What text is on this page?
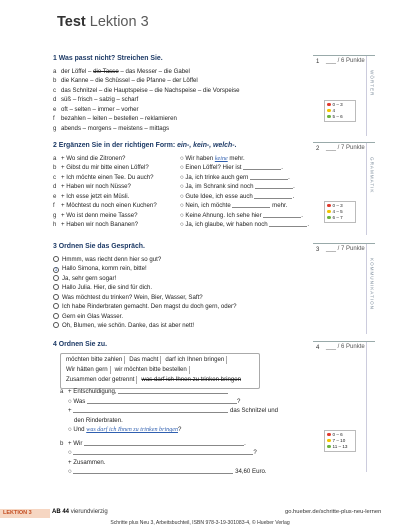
Test Lektion 3
1 Was passt nicht? Streichen Sie.
a der Löffel – die Tasse – das Messer – die Gabel
b die Kanne – die Schüssel – die Pfanne – der Löffel
c das Schnitzel – die Hauptspeise – die Nachspeise – die Vorspeise
d süß – frisch – salzig – scharf
e oft – selten – immer – vorher
f bezahlen – leiten – bestellen – reklamieren
g abends – morgens – meistens – mittags
2 Ergänzen Sie in der richtigen Form: ein-, kein-, welch-.
a + Wo sind die Zitronen?	○ Wir haben keine mehr.
b + Gibst du mir bitte einen Löffel?	○ Einen Löffel? Hier ist	.
c + Ich möchte einen Tee. Du auch?	○ Ja, ich trinke auch gern	.
d + Haben wir noch Nüsse?	○ Ja, im Schrank sind noch	.
e + Ich esse jetzt ein Müsli.	○ Gute Idee, ich esse auch	.
f + Möchtest du noch einen Kuchen?	○ Nein, ich möchte	mehr.
g + Wo ist denn meine Tasse?	○ Keine Ahnung. Ich sehe hier	.
h + Haben wir noch Bananen?	○ Ja, ich glaube, wir haben noch	.
3 Ordnen Sie das Gespräch.
Hmmm, was riecht denn hier so gut?
1 Hallo Simona, komm rein, bitte!
Ja, sehr gern sogar!
Hallo Julia. Hier, die sind für dich.
Was möchtest du trinken? Wein, Bier, Wasser, Saft?
Ich habe Rinderbraten gemacht. Den magst du doch gern, oder?
Gern ein Glas Wasser.
Oh, Blumen, wie schön. Danke, das ist aber nett!
4 Ordnen Sie zu.
möchten bitte zahlen Das macht darf ich Ihnen bringen
Wir hätten gern wir möchten bitte bestellen
Zusammen oder getrennt was darf ich Ihnen zu trinken bringen
a + Entschuldigung,
○ Was	?
+	das Schnitzel und
den Rinderbraten.
○ Und was darf ich Ihnen zu trinken bringen?
b + Wir	.
○	?
+ Zusammen.
○	34,60 Euro.
1 ___ / 6 Punkte
WÖRTER
0 – 3
4
5 – 6
2 ___ / 7 Punkte
GRAMMATIK
0 – 3
4 – 5
6 – 7
3 ___ / 7 Punkte
KOMMUNIKATION
4 ___ / 6 Punkte
0 – 6
7 – 10
11 – 13
LEKTION 3	AB 44 vierundvierzig	go.hueber.de/schritte-plus-neu-lernen
Schritte plus Neu 3, Arbeitsbuchteil, ISBN 978-3-19-301083-4, © Hueber Verlag
